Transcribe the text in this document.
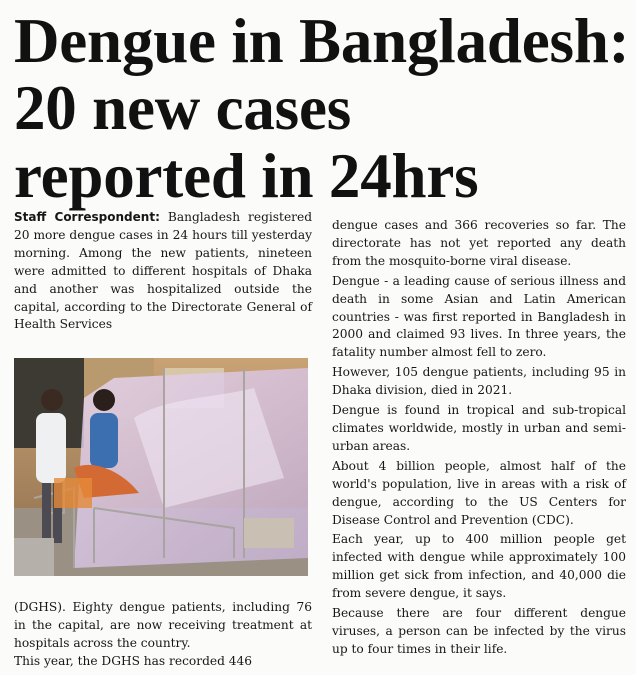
Dengue in Bangladesh:
20 new cases
reported in 24hrs

Staff Correspondent: Bangladesh registered 20 more dengue cases in 24 hours till yesterday morning. Among the new patients, nineteen were admitted to different hospitals of Dhaka and another was hospitalized outside the capital, according to the Directorate General of Health Services

(DGHS). Eighty dengue patients, including 76 in the capital, are now receiving treatment at hospitals across the country.

This year, the DGHS has recorded 446

dengue cases and 366 recoveries so far. The directorate has not yet reported any death from the mosquito-borne viral disease.

Dengue - a leading cause of serious illness and death in some Asian and Latin American countries - was first reported in Bangladesh in 2000 and claimed 93 lives. In three years, the fatality number almost fell to zero.

However, 105 dengue patients, including 95 in Dhaka division, died in 2021.

Dengue is found in tropical and sub-tropical climates worldwide, mostly in urban and semi-urban areas.

About 4 billion people, almost half of the world's population, live in areas with a risk of dengue, according to the US Centers for Disease Control and Prevention (CDC).

Each year, up to 400 million people get infected with dengue while approximately 100 million get sick from infection, and 40,000 die from severe dengue, it says.

Because there are four different dengue viruses, a person can be infected by the virus up to four times in their life.
